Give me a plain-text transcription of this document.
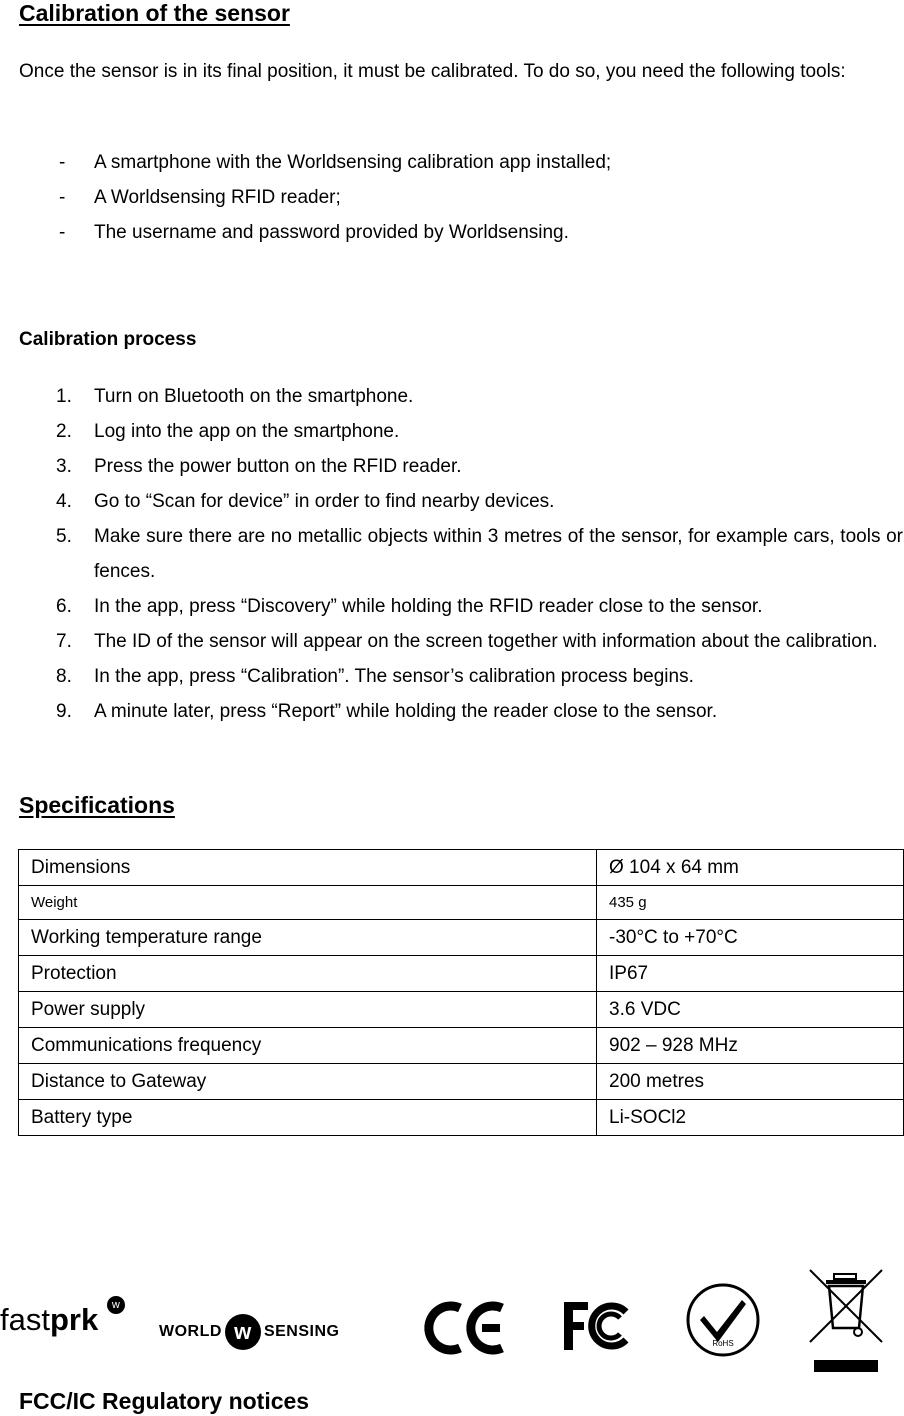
Calibration of the sensor

Once the sensor is in its final position, it must be calibrated. To do so, you need the following tools:

- A smartphone with the Worldsensing calibration app installed;
- A Worldsensing RFID reader;
- The username and password provided by Worldsensing.
Calibration process
1. Turn on Bluetooth on the smartphone.
2. Log into the app on the smartphone.
3. Press the power button on the RFID reader.
4. Go to “Scan for device” in order to find nearby devices.
5. Make sure there are no metallic objects within 3 metres of the sensor, for example cars, tools or fences.
6. In the app, press “Discovery” while holding the RFID reader close to the sensor.
7. The ID of the sensor will appear on the screen together with information about the calibration.
8. In the app, press “Calibration”. The sensor’s calibration process begins.
9. A minute later, press “Report” while holding the reader close to the sensor.
Specifications
Dimensions	Ø 104 x 64 mm
Weight	435 g
Working temperature range	-30°C to +70°C
Protection	IP67
Power supply	3.6 VDC
Communications frequency	902 – 928 MHz
Distance to Gateway	200 metres
Battery type	Li-SOCl2
fastprk w
WORLD w SENSING
CE
FC
RoHS
FCC/IC Regulatory notices
